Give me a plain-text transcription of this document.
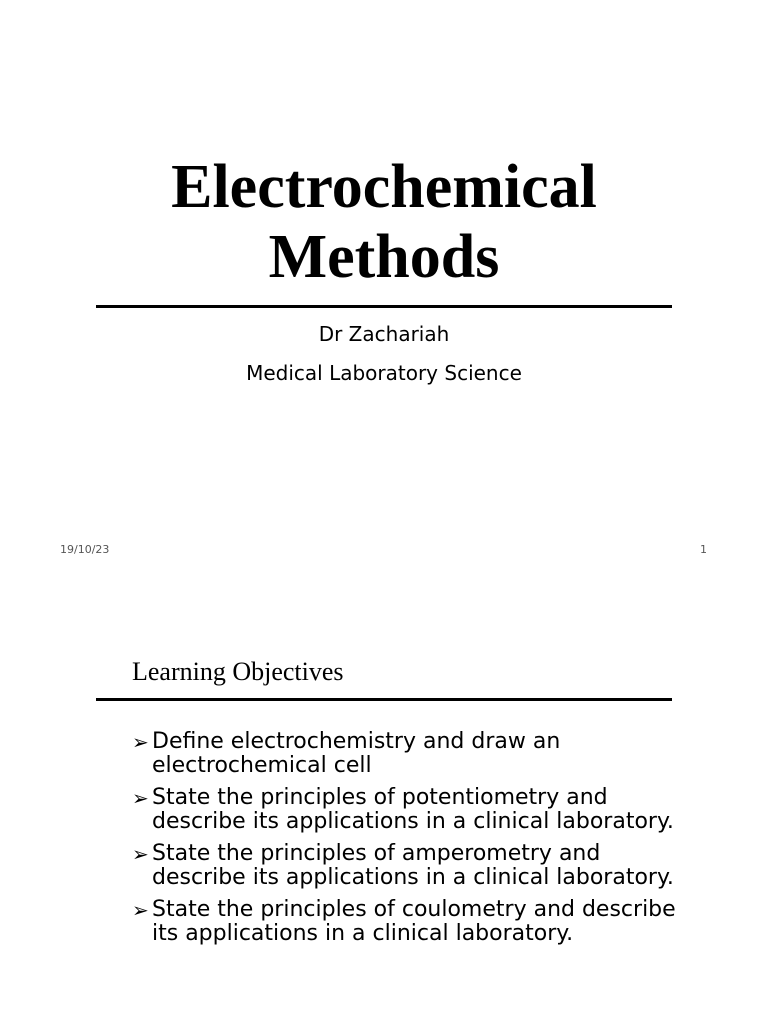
Electrochemical
Methods
Dr Zachariah
Medical Laboratory Science
19/10/23	1
Learning Objectives
➢ Define electrochemistry and draw an electrochemical cell
➢ State the principles of potentiometry and describe its applications in a clinical laboratory.
➢ State the principles of amperometry and describe its applications in a clinical laboratory.
➢ State the principles of coulometry and describe its applications in a clinical laboratory.
